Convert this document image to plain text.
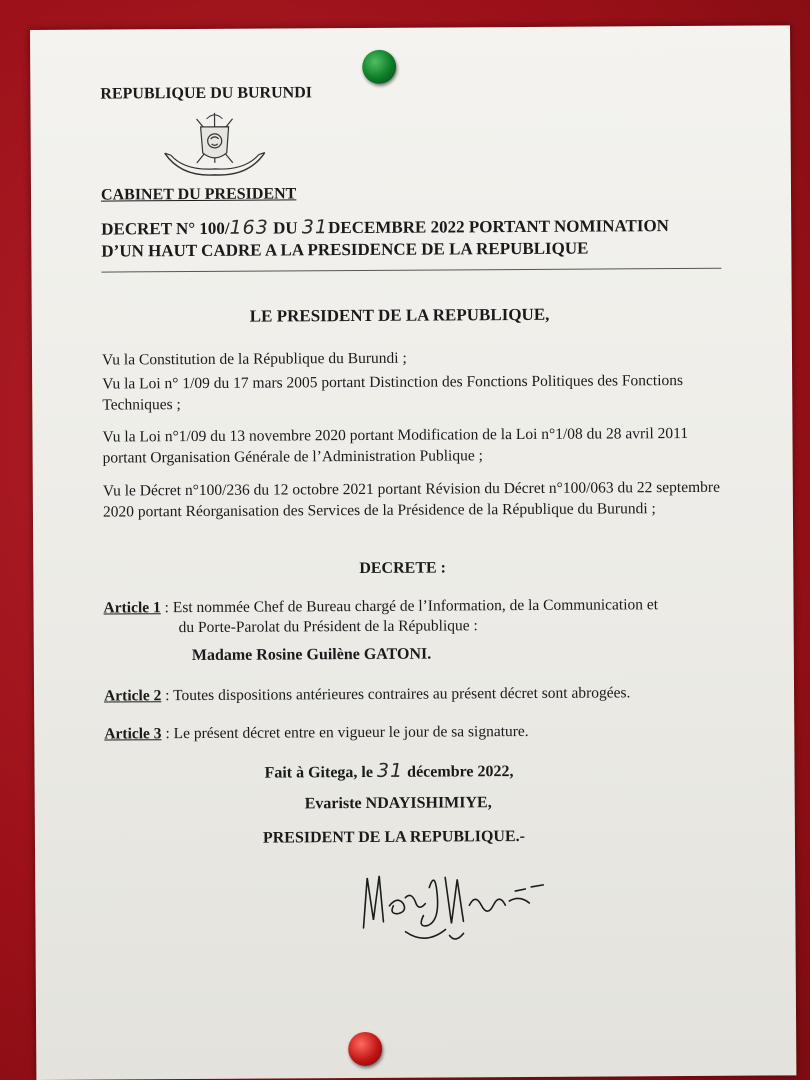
REPUBLIQUE DU BURUNDI
CABINET DU PRESIDENT
DECRET N° 100/163 DU 31DECEMBRE 2022 PORTANT NOMINATION
D’UN HAUT CADRE A LA PRESIDENCE DE LA REPUBLIQUE
LE PRESIDENT DE LA REPUBLIQUE,
Vu la Constitution de la République du Burundi ;
Vu la Loi n° 1/09 du 17 mars 2005 portant Distinction des Fonctions Politiques des Fonctions Techniques ;
Vu la Loi n°1/09 du 13 novembre 2020 portant Modification de la Loi n°1/08 du 28 avril 2011 portant Organisation Générale de l’Administration Publique ;
Vu le Décret n°100/236 du 12 octobre 2021 portant Révision du Décret n°100/063 du 22 septembre 2020 portant Réorganisation des Services de la Présidence de la République du Burundi ;
DECRETE :
Article 1 : Est nommée Chef de Bureau chargé de l’Information, de la Communication et
du Porte-Parolat du Président de la République :
Madame Rosine Guilène GATONI.
Article 2 : Toutes dispositions antérieures contraires au présent décret sont abrogées.
Article 3 : Le présent décret entre en vigueur le jour de sa signature.
Fait à Gitega, le 31 décembre 2022,
Evariste NDAYISHIMIYE,
PRESIDENT DE LA REPUBLIQUE.-
